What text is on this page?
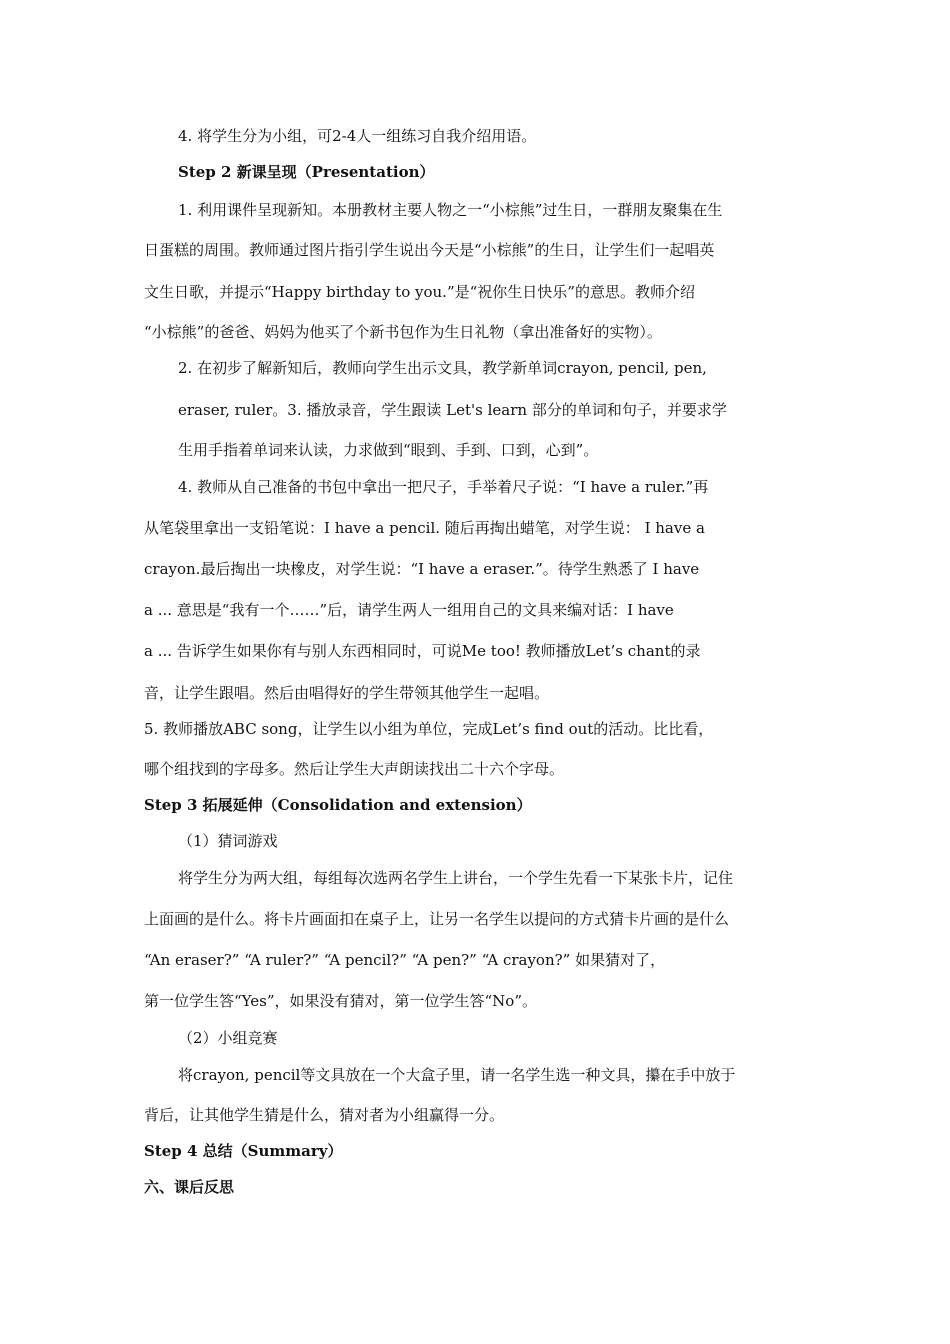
4. 将学生分为小组，可2-4人一组练习自我介绍用语。
Step 2 新课呈现（Presentation）
1. 利用课件呈现新知。本册教材主要人物之一“小棕熊”过生日，一群朋友聚集在生
日蛋糕的周围。教师通过图片指引学生说出今天是“小棕熊”的生日，让学生们一起唱英
文生日歌，并提示“Happy birthday to you.”是“祝你生日快乐”的意思。教师介绍
“小棕熊”的爸爸、妈妈为他买了个新书包作为生日礼物（拿出准备好的实物）。
2. 在初步了解新知后，教师向学生出示文具，教学新单词crayon, pencil, pen,
eraser, ruler。3. 播放录音，学生跟读 Let's learn 部分的单词和句子，并要求学
生用手指着单词来认读，力求做到“眼到、手到、口到，心到”。
4. 教师从自己准备的书包中拿出一把尺子，手举着尺子说：“I have a ruler.”再
从笔袋里拿出一支铅笔说：I have a pencil. 随后再掏出蜡笔，对学生说： I have a
crayon.最后掏出一块橡皮，对学生说：“I have a eraser.”。待学生熟悉了 I have
a ... 意思是“我有一个……”后，请学生两人一组用自己的文具来编对话：I have
a ... 告诉学生如果你有与别人东西相同时，可说Me too! 教师播放Let’s chant的录
音，让学生跟唱。然后由唱得好的学生带领其他学生一起唱。
5. 教师播放ABC song，让学生以小组为单位，完成Let’s find out的活动。比比看，
哪个组找到的字母多。然后让学生大声朗读找出二十六个字母。
Step 3 拓展延伸（Consolidation and extension）
（1）猜词游戏
将学生分为两大组，每组每次选两名学生上讲台，一个学生先看一下某张卡片，记住
上面画的是什么。将卡片画面扣在桌子上，让另一名学生以提问的方式猜卡片画的是什么
“An eraser?” “A ruler?” “A pencil?” “A pen?” “A crayon?” 如果猜对了，
第一位学生答“Yes”，如果没有猜对，第一位学生答“No”。
（2）小组竞赛
将crayon, pencil等文具放在一个大盒子里，请一名学生选一种文具，攥在手中放于
背后，让其他学生猜是什么，猜对者为小组赢得一分。
Step 4 总结（Summary）
六、课后反思
